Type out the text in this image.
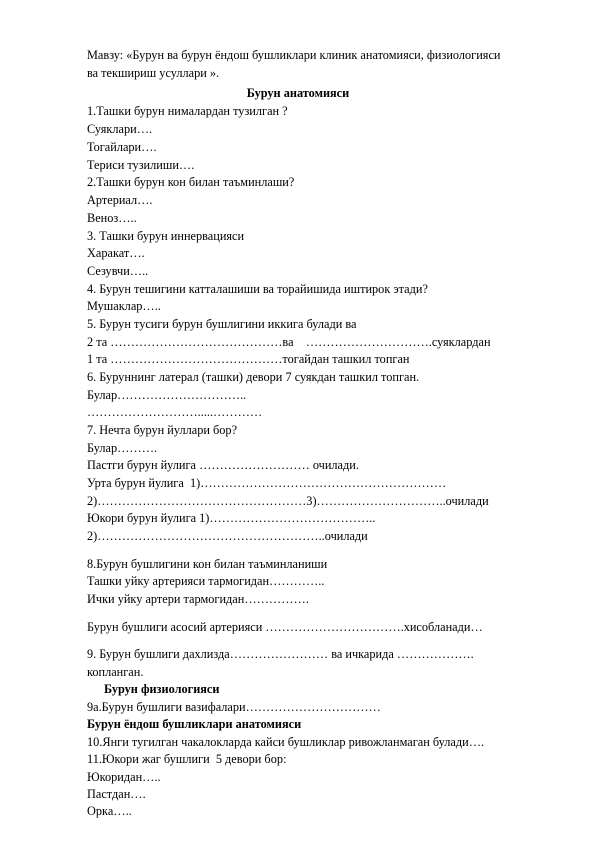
Мавзу: «Бурун ва бурун ёндош бушликлари клиник анатомияси, физиологияси
ва текшириш усуллари ».
Бурун анатомияси
1.Ташки бурун нималардан тузилган ?
Суяклари….
Тогайлари….
Териси тузилиши….
2.Ташки бурун кон билан таъминлаши?
Артериал….
Веноз…..
3. Ташки бурун иннервацияси
Харакат….
Сезувчи…..
4. Бурун тешигини катталашиши ва торайишида иштирок этади?
Мушаклар…..
5. Бурун тусиги бурун бушлигини иккига булади ва
2 та ……………………………………ва    ………………………….суяклардан
1 та ……………………………………тогайдан ташкил топган
6. Буруннинг латерал (ташки) девори 7 суякдан ташкил топган.
Булар…………………………..
……………………….....…………
7. Нечта бурун йуллари бор?
Булар……….
Пастги бурун йулига ……………………… очилади.
Урта бурун йулига  1)……………………………………………………
2)……………………………………………3)…………………………..очилади
Юкори бурун йулига 1)…………………………………..
2)………………………………………………..очилади
8.Бурун бушлигини кон билан таъминланиши
Ташки уйку артерияси тармогидан…………..
Ички уйку артери тармогидан…………….
Бурун бушлиги асосий артерияси …………………………….хисобланади…
9. Бурун бушлиги дахлизда…………………… ва ичкарида ……………….
копланган.
Бурун физиологияси
9а.Бурун бушлиги вазифалари……………………………
Бурун ёндош бушликлари анатомияси
10.Янги тугилган чакалокларда кайси бушликлар ривожланмаган булади….
11.Юкори жаг бушлиги  5 девори бор:
Юкоридан…..
Пастдан….
Орка…..
